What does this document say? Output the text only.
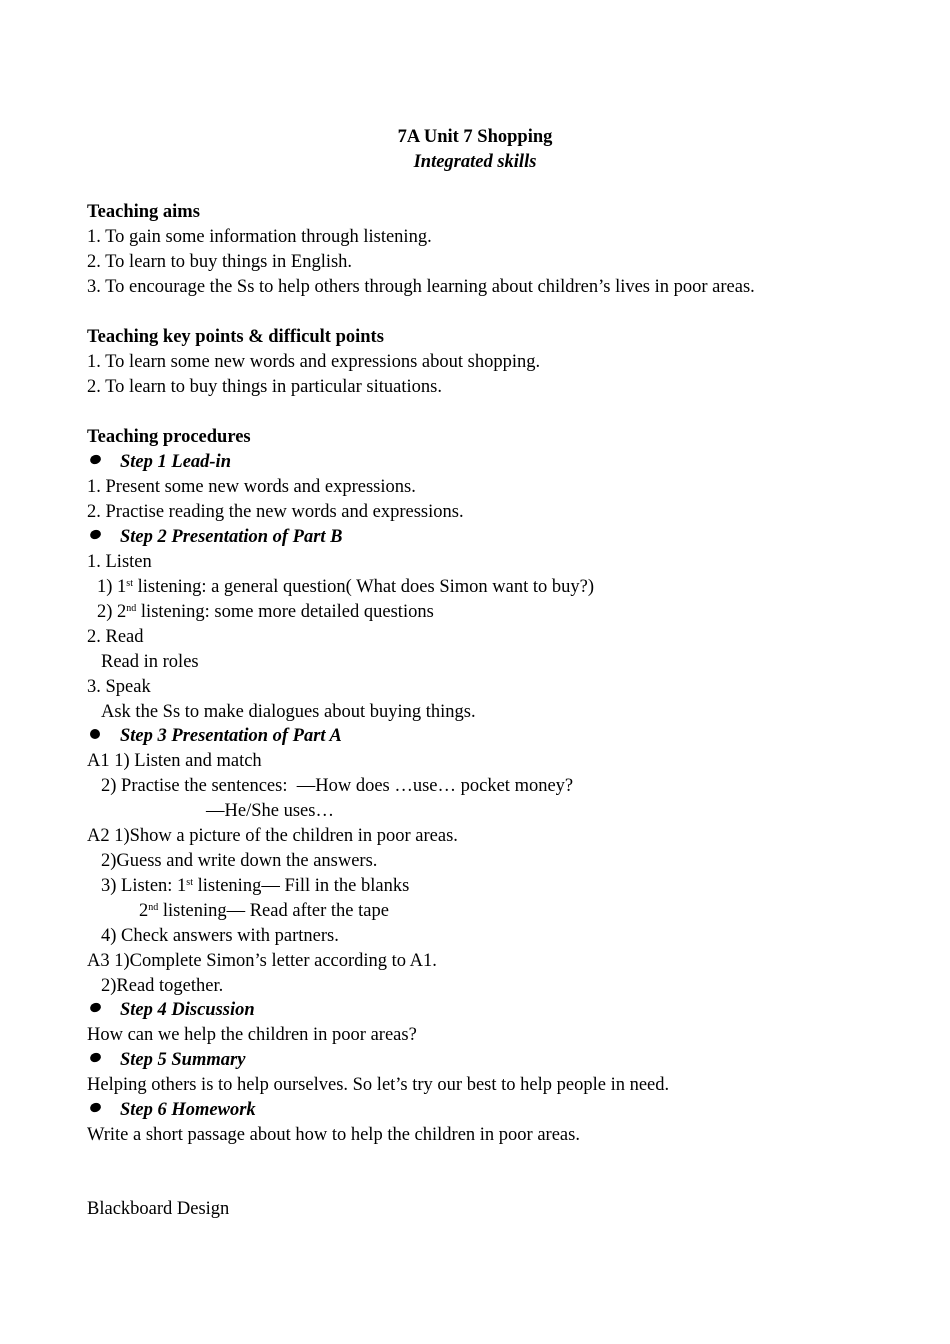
7A Unit 7 Shopping
Integrated skills
Teaching aims
1. To gain some information through listening.
2. To learn to buy things in English.
3. To encourage the Ss to help others through learning about children’s lives in poor areas.
Teaching key points & difficult points
1. To learn some new words and expressions about shopping.
2. To learn to buy things in particular situations.
Teaching procedures
Step 1 Lead-in
1. Present some new words and expressions.
2. Practise reading the new words and expressions.
Step 2 Presentation of Part B
1. Listen
1) 1st listening: a general question( What does Simon want to buy?)
2) 2nd listening: some more detailed questions
2. Read
Read in roles
3. Speak
Ask the Ss to make dialogues about buying things.
Step 3 Presentation of Part A
A1 1) Listen and match
2) Practise the sentences:  —How does …use… pocket money?
—He/She uses…
A2 1)Show a picture of the children in poor areas.
2)Guess and write down the answers.
3) Listen: 1st listening— Fill in the blanks
2nd listening— Read after the tape
4) Check answers with partners.
A3 1)Complete Simon’s letter according to A1.
2)Read together.
Step 4 Discussion
How can we help the children in poor areas?
Step 5 Summary
Helping others is to help ourselves. So let’s try our best to help people in need.
Step 6 Homework
Write a short passage about how to help the children in poor areas.
Blackboard Design
